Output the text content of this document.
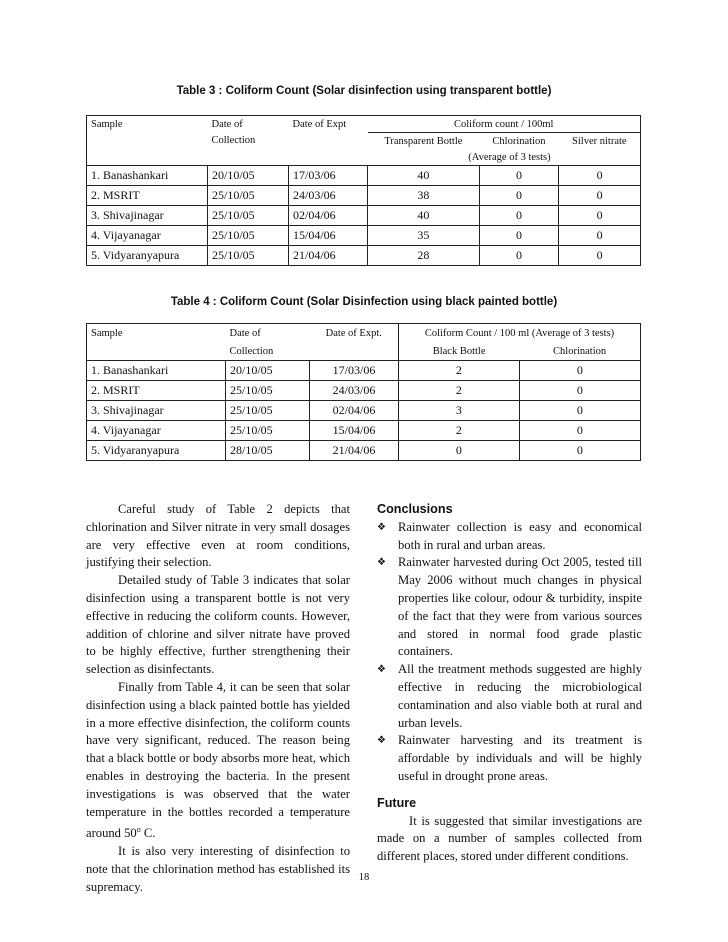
Table 3 : Coliform Count (Solar disinfection using transparent bottle)
Sample	Date of	Date of Expt	Coliform count / 100ml		
	Collection		Transparent Bottle	Chlorination	Silver nitrate
			(Average of 3 tests)		
1. Banashankari	20/10/05	17/03/06	40	0	0
2. MSRIT	25/10/05	24/03/06	38	0	0
3. Shivajinagar	25/10/05	02/04/06	40	0	0
4. Vijayanagar	25/10/05	15/04/06	35	0	0
5. Vidyaranyapura	25/10/05	21/04/06	28	0	0
Table 4 : Coliform Count (Solar Disinfection using black painted bottle)
Sample	Date of	Date of Expt.	Coliform Count / 100 ml (Average of 3 tests)	
	Collection		Black Bottle	Chlorination
1. Banashankari	20/10/05	17/03/06	2	0
2. MSRIT	25/10/05	24/03/06	2	0
3. Shivajinagar	25/10/05	02/04/06	3	0
4. Vijayanagar	25/10/05	15/04/06	2	0
5. Vidyaranyapura	28/10/05	21/04/06	0	0

Careful study of Table 2 depicts that chlorination and Silver nitrate in very small dosages are very effective even at room conditions, justifying their selection.

Detailed study of Table 3 indicates that solar disinfection using a transparent bottle is not very effective in reducing the coliform counts. However, addition of chlorine and silver nitrate have proved to be highly effective, further strengthening their selection as disinfectants.

Finally from Table 4, it can be seen that solar disinfection using a black painted bottle has yielded in a more effective disinfection, the coliform counts have very significant, reduced. The reason being that a black bottle or body absorbs more heat, which enables in destroying the bacteria. In the present investigations is was observed that the water temperature in the bottles recorded a temperature around 50$^o$ C.

It is also very interesting of disinfection to note that the chlorination method has established its supremacy.

Conclusions

❖ Rainwater collection is easy and economical both in rural and urban areas.
❖ Rainwater harvested during Oct 2005, tested till May 2006 without much changes in physical properties like colour, odour & turbidity, inspite of the fact that they were from various sources and stored in normal food grade plastic containers.
❖ All the treatment methods suggested are highly effective in reducing the microbiological contamination and also viable both at rural and urban levels.
❖ Rainwater harvesting and its treatment is affordable by individuals and will be highly useful in drought prone areas.

Future

It is suggested that similar investigations are made on a number of samples collected from different places, stored under different conditions.

18
